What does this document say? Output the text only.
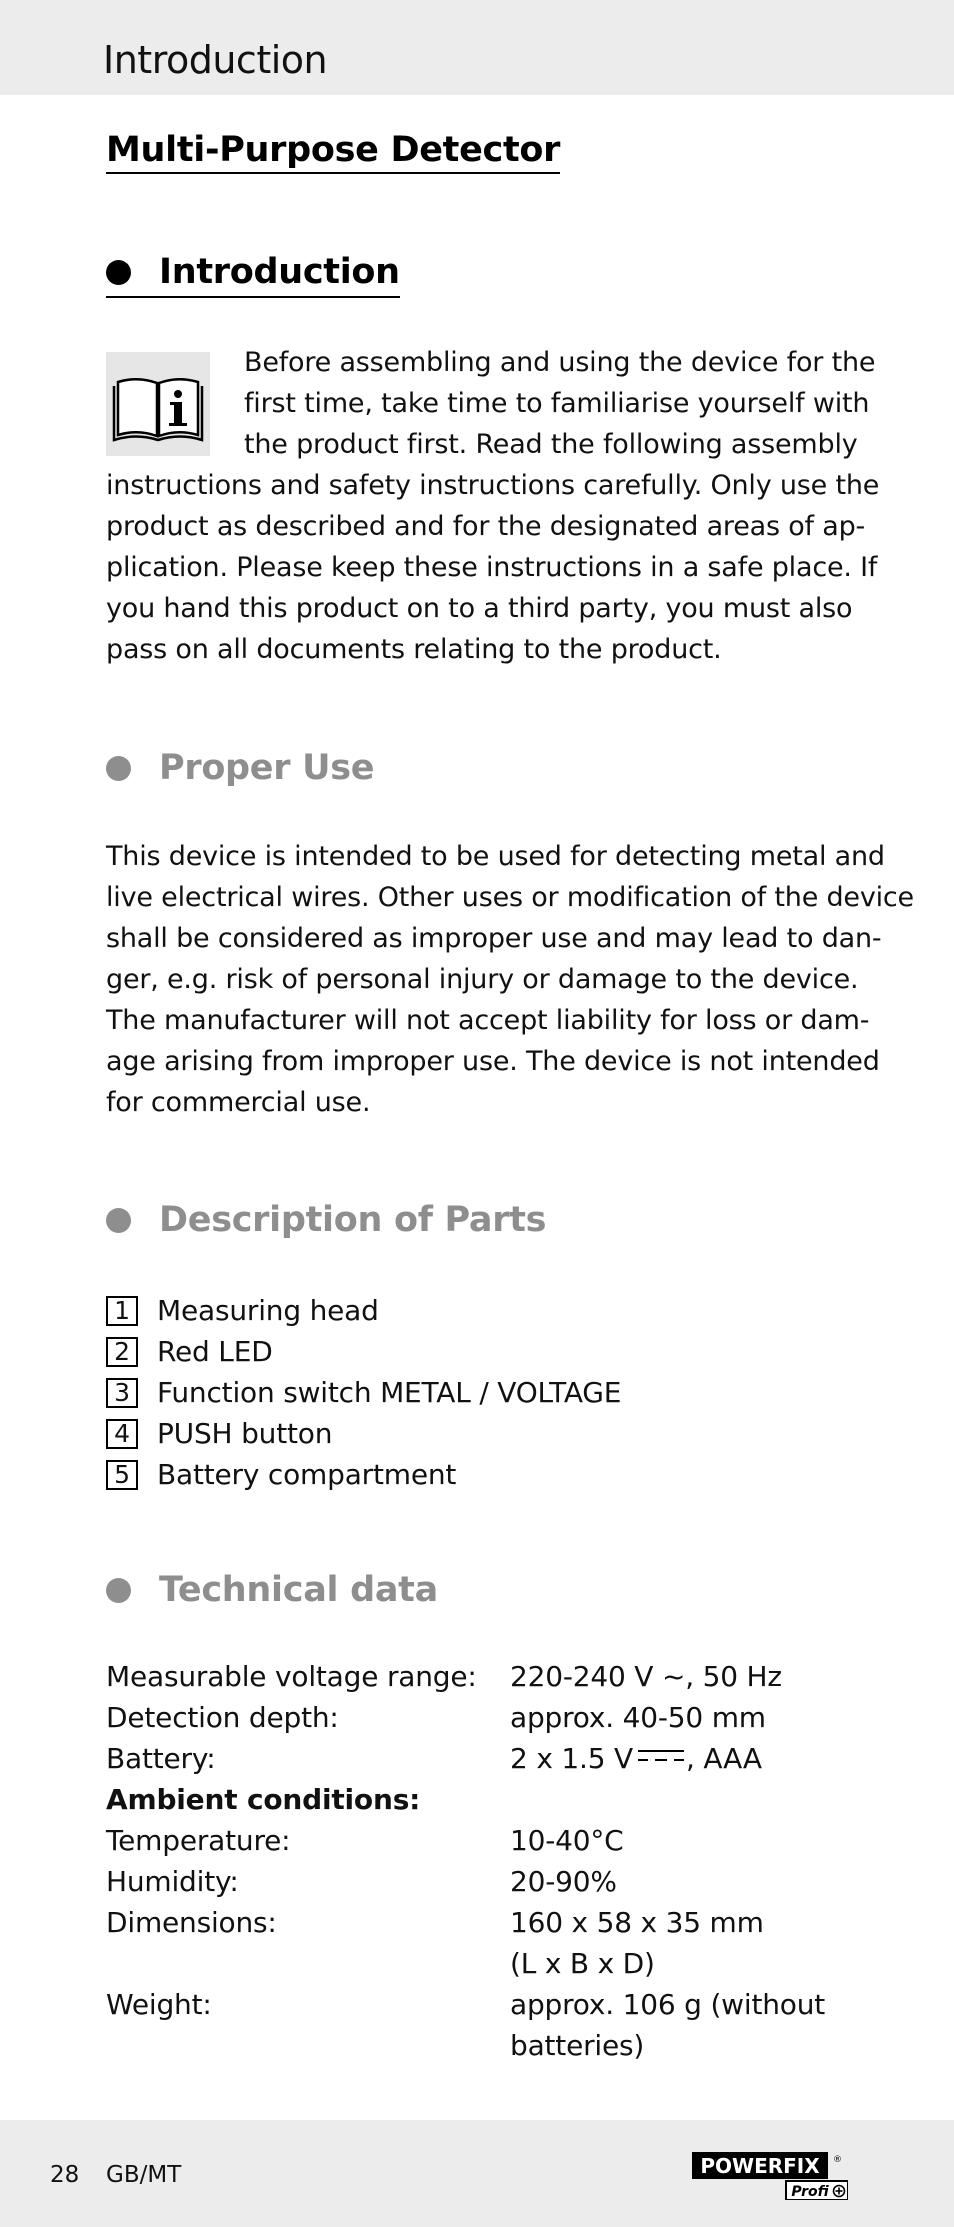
Introduction
Multi-Purpose Detector
Introduction
Before assembling and using the device for the
first time, take time to familiarise yourself with
the product first. Read the following assembly
instructions and safety instructions carefully. Only use the
product as described and for the designated areas of ap-
plication. Please keep these instructions in a safe place. If
you hand this product on to a third party, you must also
pass on all documents relating to the product.
Proper Use
This device is intended to be used for detecting metal and
live electrical wires. Other uses or modification of the device
shall be considered as improper use and may lead to dan-
ger, e.g. risk of personal injury or damage to the device.
The manufacturer will not accept liability for loss or dam-
age arising from improper use. The device is not intended
for commercial use.
Description of Parts
1 Measuring head
2 Red LED
3 Function switch METAL / VOLTAGE
4 PUSH button
5 Battery compartment
Technical data
Measurable voltage range:	220-240 V ~, 50 Hz
Detection depth:	approx. 40-50 mm
Battery:	2 x 1.5 V , AAA
Ambient conditions:
Temperature:	10-40°C
Humidity:	20-90%
Dimensions:	160 x 58 x 35 mm
(L x B x D)
Weight:	approx. 106 g (without
batteries)
28 GB/MT	POWERFIX ®
Profi
